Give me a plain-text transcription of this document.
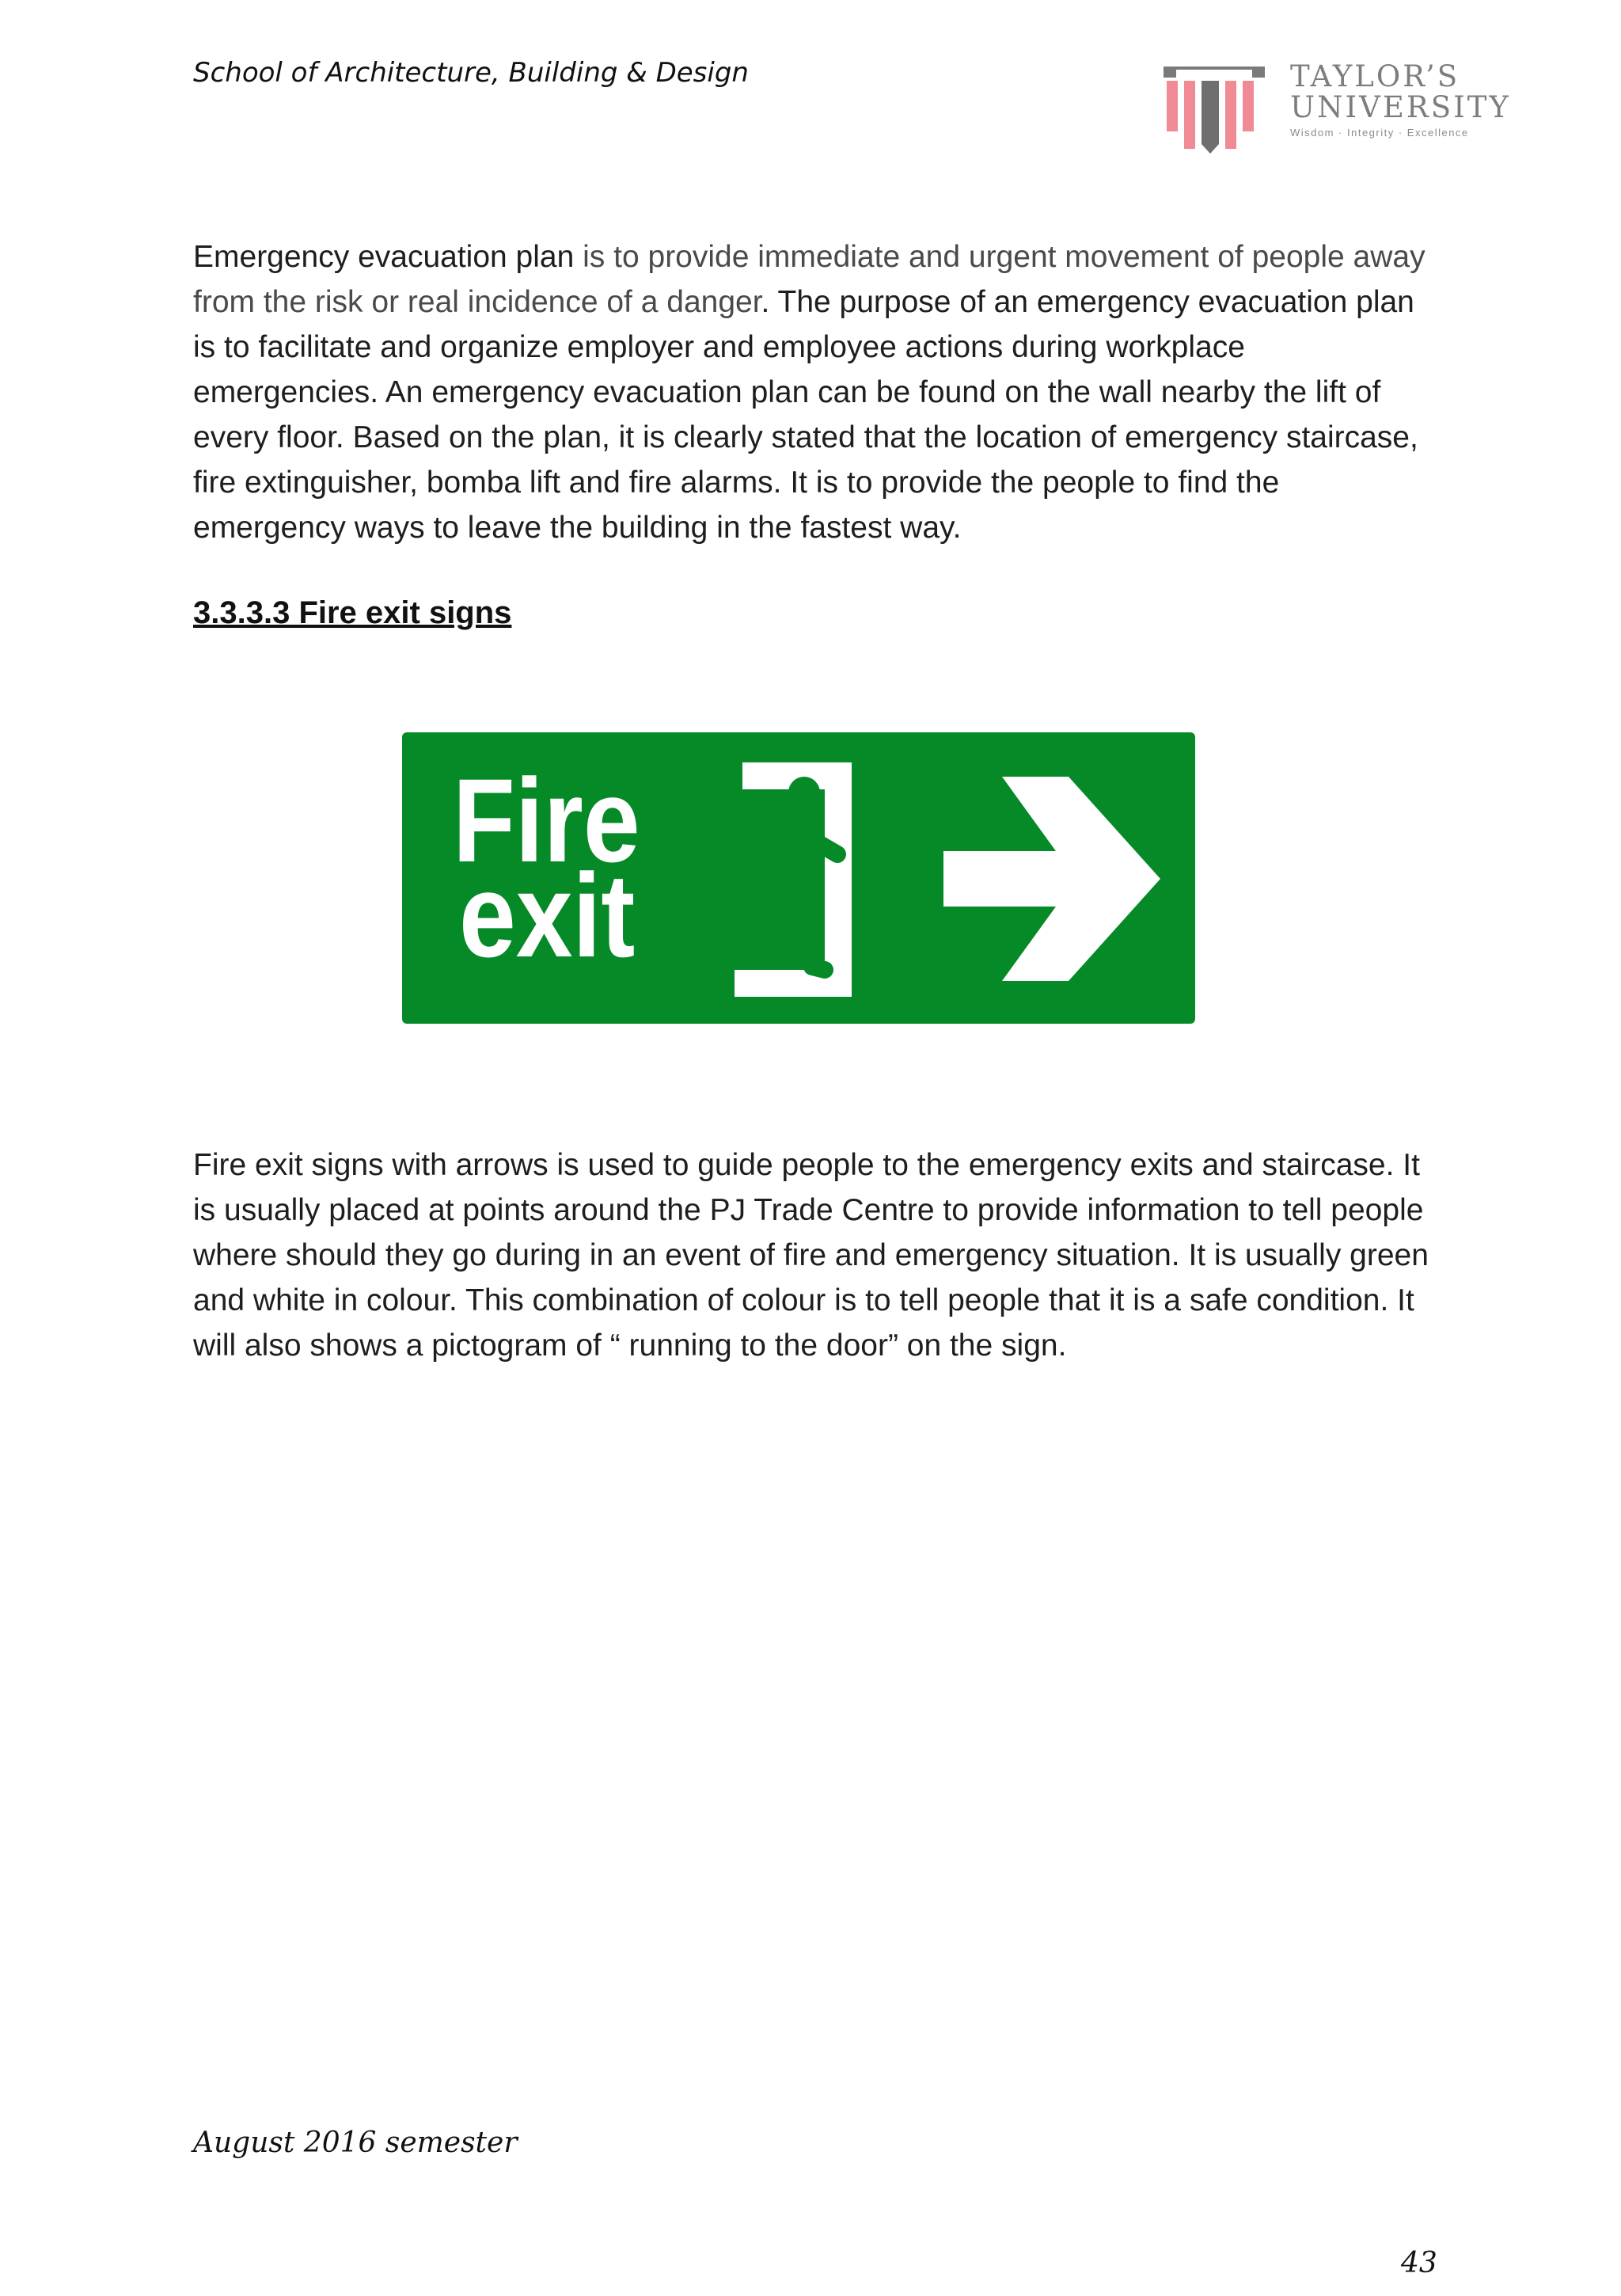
School of Architecture, Building & Design	TAYLOR’S
UNIVERSITY
Wisdom · Integrity · Excellence

Emergency evacuation plan is to provide immediate and urgent movement of people away from the risk or real incidence of a danger. The purpose of an emergency evacuation plan is to facilitate and organize employer and employee actions during workplace emergencies. An emergency evacuation plan can be found on the wall nearby the lift of every floor. Based on the plan, it is clearly stated that the location of emergency staircase, fire extinguisher, bomba lift and fire alarms. It is to provide the people to find the emergency ways to leave the building in the fastest way.

3.3.3.3 Fire exit signs
Fire
exit

Fire exit signs with arrows is used to guide people to the emergency exits and staircase. It is usually placed at points around the PJ Trade Centre to provide information to tell people where should they go during in an event of fire and emergency situation. It is usually green and white in colour. This combination of colour is to tell people that it is a safe condition. It will also shows a pictogram of “ running to the door” on the sign.

August 2016 semester
43
